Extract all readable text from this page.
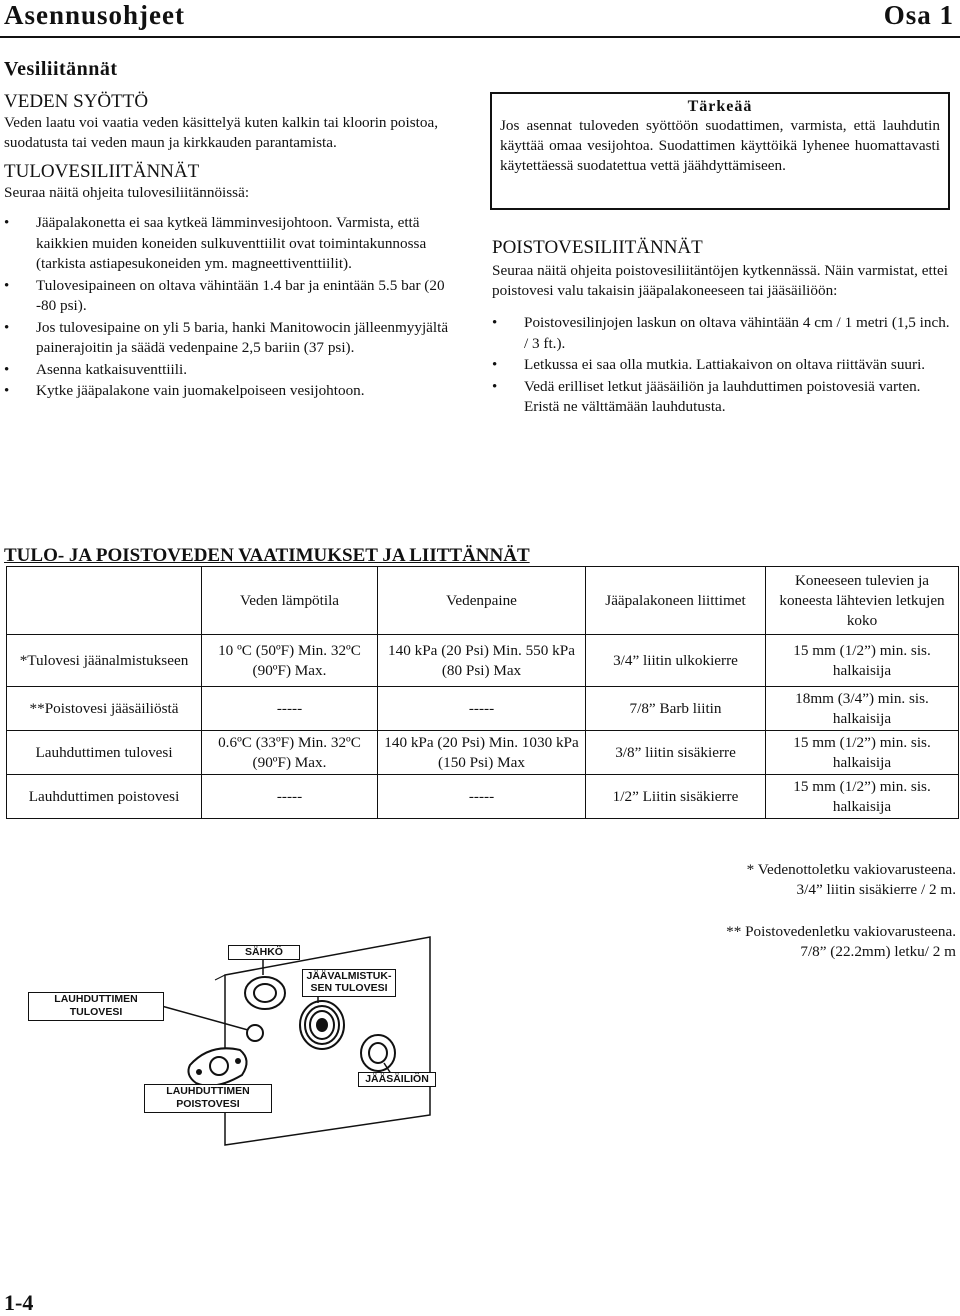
Asennusohjeet	Osa 1
Vesiliitännät
VEDEN SYÖTTÖ
Veden laatu voi vaatia veden käsittelyä kuten kalkin tai kloorin poistoa, suodatusta tai veden maun ja kirkkauden parantamista.
TULOVESILIITÄNNÄT
Seuraa näitä ohjeita tulovesiliitännöissä:
• Jääpalakonetta ei saa kytkeä lämminvesijohtoon. Varmista, että kaikkien muiden koneiden sulkuventtiilit ovat toimintakunnossa (tarkista astiapesukoneiden ym. magneettiventtiilit).
• Tulovesipaineen on oltava vähintään 1.4 bar ja enintään 5.5 bar (20 -80 psi).
• Jos tulovesipaine on yli 5 baria, hanki Manitowocin jälleenmyyjältä painerajoitin ja säädä vedenpaine 2,5 bariin (37 psi).
• Asenna katkaisuventtiili.
• Kytke jääpalakone vain juomakelpoiseen vesijohtoon.
Tärkeää
Jos asennat tuloveden syöttöön suodattimen, varmista, että lauhdutin käyttää omaa vesijohtoa. Suodattimen käyttöikä lyhenee huomattavasti käytettäessä suodatettua vettä jäähdyttämiseen.
POISTOVESILIITÄNNÄT
Seuraa näitä ohjeita poistovesiliitäntöjen kytkennässä. Näin varmistat, ettei poistovesi valu takaisin jääpalakoneeseen tai jääsäiliöön:
• Poistovesilinjojen laskun on oltava vähintään 4 cm / 1 metri (1,5 inch. / 3 ft.).
• Letkussa ei saa olla mutkia. Lattiakaivon on oltava riittävän suuri.
• Vedä erilliset letkut jääsäiliön ja lauhduttimen poistovesiä varten. Eristä ne välttämään lauhdutusta.
TULO- JA POISTOVEDEN VAATIMUKSET JA LIITTÄNNÄT
	Veden lämpötila	Vedenpaine	Jääpalakoneen liittimet	Koneeseen tulevien ja koneesta lähtevien letkujen koko
*Tulovesi jäänalmistukseen	10 ºC (50ºF) Min. 32ºC (90ºF) Max.	140 kPa (20 Psi) Min. 550 kPa (80 Psi) Max	3/4” liitin ulkokierre	15 mm (1/2”) min. sis. halkaisija
**Poistovesi jääsäiliöstä	-----	-----	7/8” Barb liitin	18mm (3/4”) min. sis. halkaisija
Lauhduttimen tulovesi	0.6ºC (33ºF) Min. 32ºC (90ºF) Max.	140 kPa (20 Psi) Min. 1030 kPa (150 Psi) Max	3/8” liitin sisäkierre	15 mm (1/2”) min. sis. halkaisija
Lauhduttimen poistovesi	-----	-----	1/2” Liitin sisäkierre	15 mm (1/2”) min. sis. halkaisija
* Vedenottoletku vakiovarusteena.
3/4” liitin sisäkierre / 2 m.
** Poistovedenletku vakiovarusteena.
7/8” (22.2mm) letku/ 2 m
SÄHKÖ
JÄÄVALMISTUK-SEN TULOVESI
LAUHDUTTIMEN TULOVESI
LAUHDUTTIMEN POISTOVESI
JÄÄSÄILIÖN
1-4
